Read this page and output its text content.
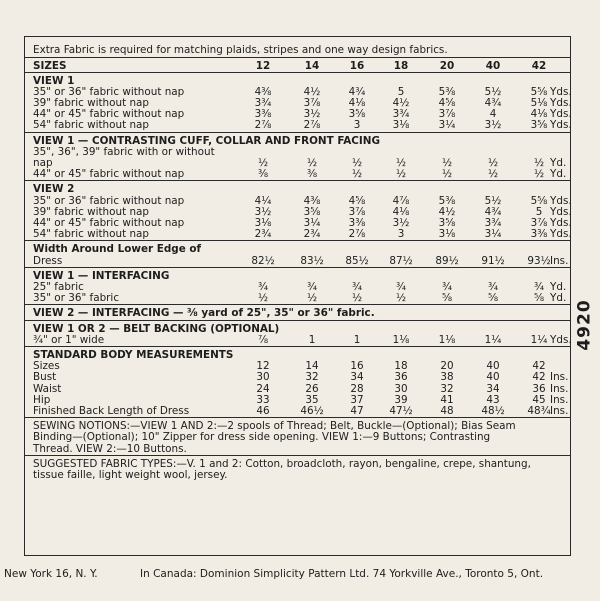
Extra Fabric is required for matching plaids, stripes and one way design fabrics.
SIZES	12	14	16	18	20	40	42
VIEW 1
35" or 36" fabric without nap	4⅜	4½	4¾	5	5⅜	5½	5⅝ Yds.
39" fabric without nap	3¾	3⅞	4⅛	4½	4⅝	4¾	5⅛ Yds.
44" or 45" fabric without nap	3⅜	3½	3⅝	3¾	3⅞	4	4⅛ Yds.
54" fabric without nap	2⅞	2⅞	3	3⅛	3¼	3½	3⅝ Yds.
VIEW 1 — CONTRASTING CUFF, COLLAR AND FRONT FACING
35", 36", 39" fabric with or without
nap	½	½	½	½	½	½	½ Yd.
44" or 45" fabric without nap	⅜	⅜	½	½	½	½	½ Yd.
VIEW 2
35" or 36" fabric without nap	4¼	4⅜	4⅝	4⅞	5⅜	5½	5⅝ Yds.
39" fabric without nap	3½	3⅝	3⅞	4⅛	4½	4¾	5 Yds.
44" or 45" fabric without nap	3⅛	3¼	3⅜	3½	3⅝	3¾	3⅞ Yds.
54" fabric without nap	2¾	2¾	2⅞	3	3⅛	3¼	3⅜ Yds.
Width Around Lower Edge of
Dress	82½ 83½ 85½ 87½ 89½ 91½ 93½ Ins.
VIEW 1 — INTERFACING
25" fabric	¾	¾	¾	¾	¾	¾	¾ Yd.
35" or 36" fabric	½	½	½	½	⅝	⅝	⅝ Yd.
VIEW 2 — INTERFACING — ⅜ yard of 25", 35" or 36" fabric.
VIEW 1 OR 2 — BELT BACKING (OPTIONAL)
¾" or 1" wide	⅞	1	1	1⅛	1⅛	1¼	1¼ Yds.
STANDARD BODY MEASUREMENTS
Sizes	12	14	16	18	20	40	42
Bust	30	32	34	36	38	40	42 Ins.
Waist	24	26	28	30	32	34	36 Ins.
Hip	33	35	37	39	41	43	45 Ins.
Finished Back Length of Dress	46	46½	47 47½	48	48½ 48¾ Ins.
SEWING NOTIONS:—VIEW 1 AND 2:—2 spools of Thread; Belt, Buckle—(Optional); Bias Seam
Binding—(Optional); 10" Zipper for dress side opening. VIEW 1:—9 Buttons; Contrasting
Thread. VIEW 2:—10 Buttons.
SUGGESTED FABRIC TYPES:—V. 1 and 2: Cotton, broadcloth, rayon, bengaline, crepe, shantung,
tissue faille, light weight wool, jersey.
4920
New York 16, N. Y.	In Canada: Dominion Simplicity Pattern Ltd. 74 Yorkville Ave., Toronto 5, Ont.
